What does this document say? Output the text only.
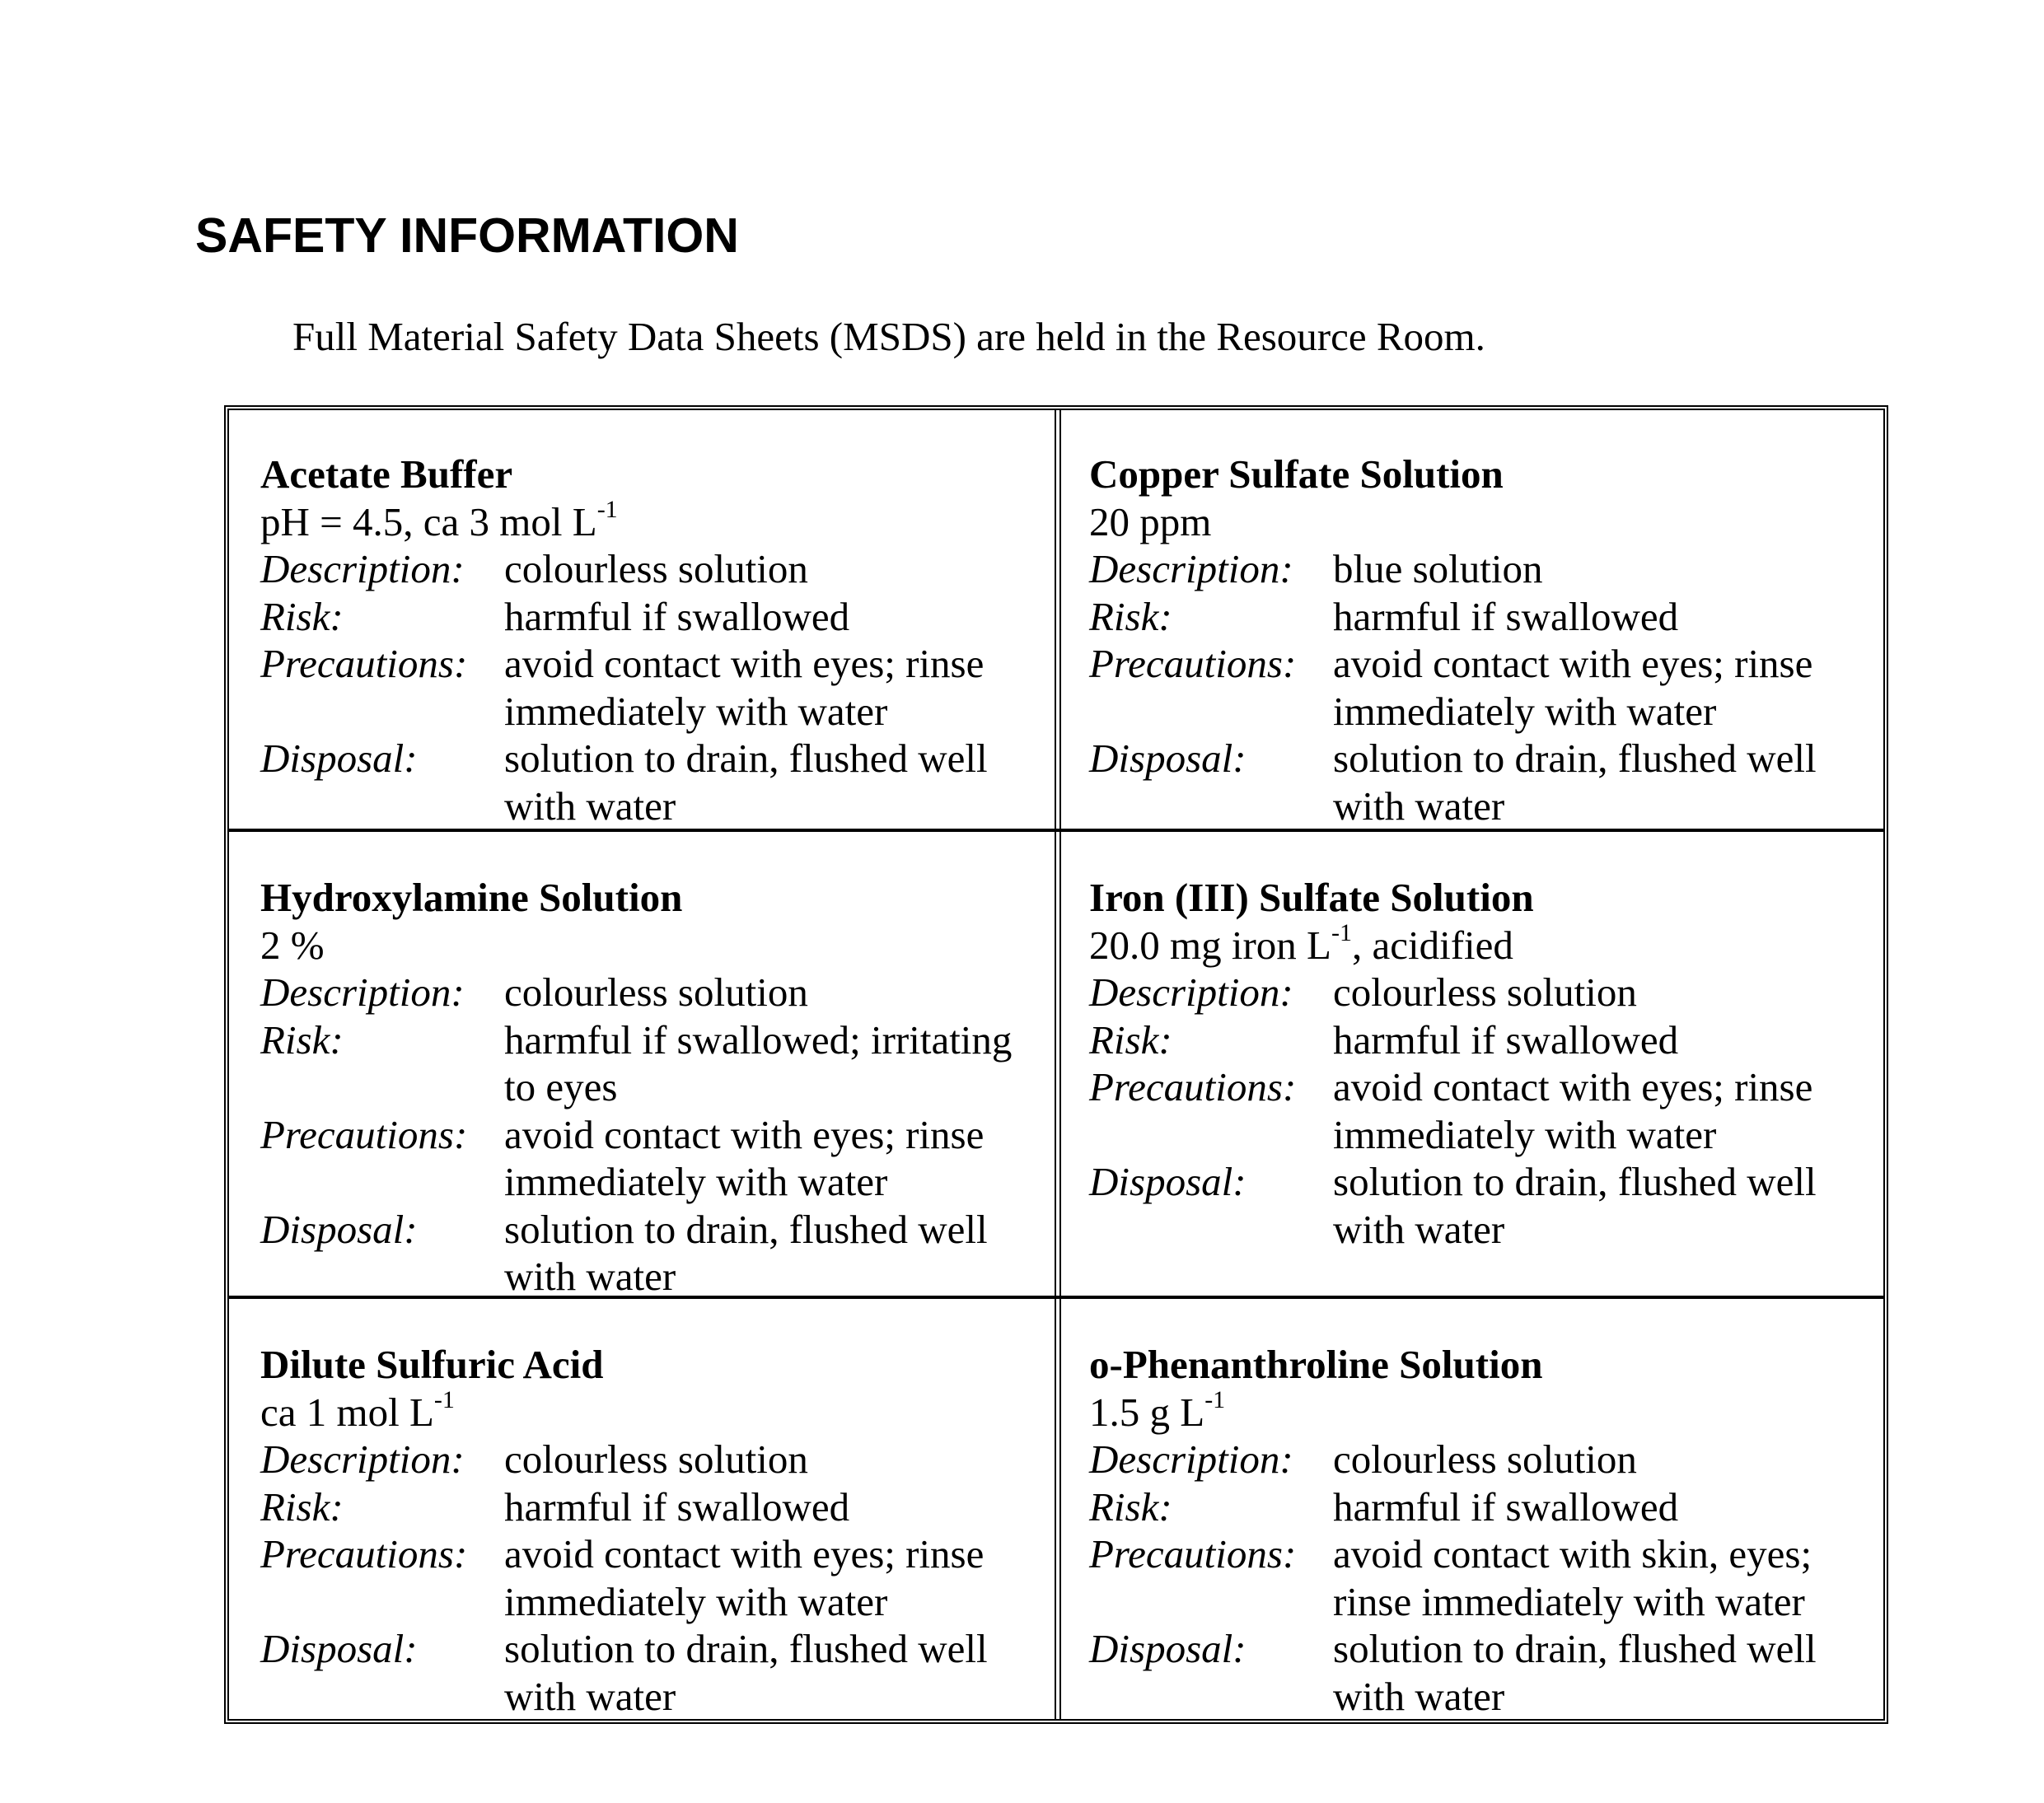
SAFETY INFORMATION

Full Material Safety Data Sheets (MSDS) are held in the Resource Room.

Acetate Buffer
pH = 4.5, ca 3 mol $L^{-1}$
Description: colourless solution
Risk:	harmful if swallowed
Precautions: avoid contact with eyes; rinse immediately with water
Disposal:	solution to drain, flushed well with water
Copper Sulfate Solution
20 ppm
Description: blue solution
Risk:	harmful if swallowed
Precautions: avoid contact with eyes; rinse immediately with water
Disposal:	solution to drain, flushed well with water
Hydroxylamine Solution
2 %
Description: colourless solution
Risk:	harmful if swallowed; irritating to eyes
Precautions: avoid contact with eyes; rinse immediately with water
Disposal:	solution to drain, flushed well with water
Iron (III) Sulfate Solution
20.0 mg iron $L^{-1}$, acidified
Description: colourless solution
Risk:	harmful if swallowed
Precautions: avoid contact with eyes; rinse immediately with water
Disposal:	solution to drain, flushed well with water
Dilute Sulfuric Acid
ca 1 mol $L^{-1}$
Description: colourless solution
Risk:	harmful if swallowed
Precautions: avoid contact with eyes; rinse immediately with water
Disposal:	solution to drain, flushed well with water
o-Phenanthroline Solution
1.5 g $L^{-1}$
Description: colourless solution
Risk:	harmful if swallowed
Precautions: avoid contact with skin, eyes; rinse immediately with water
Disposal:	solution to drain, flushed well with water
